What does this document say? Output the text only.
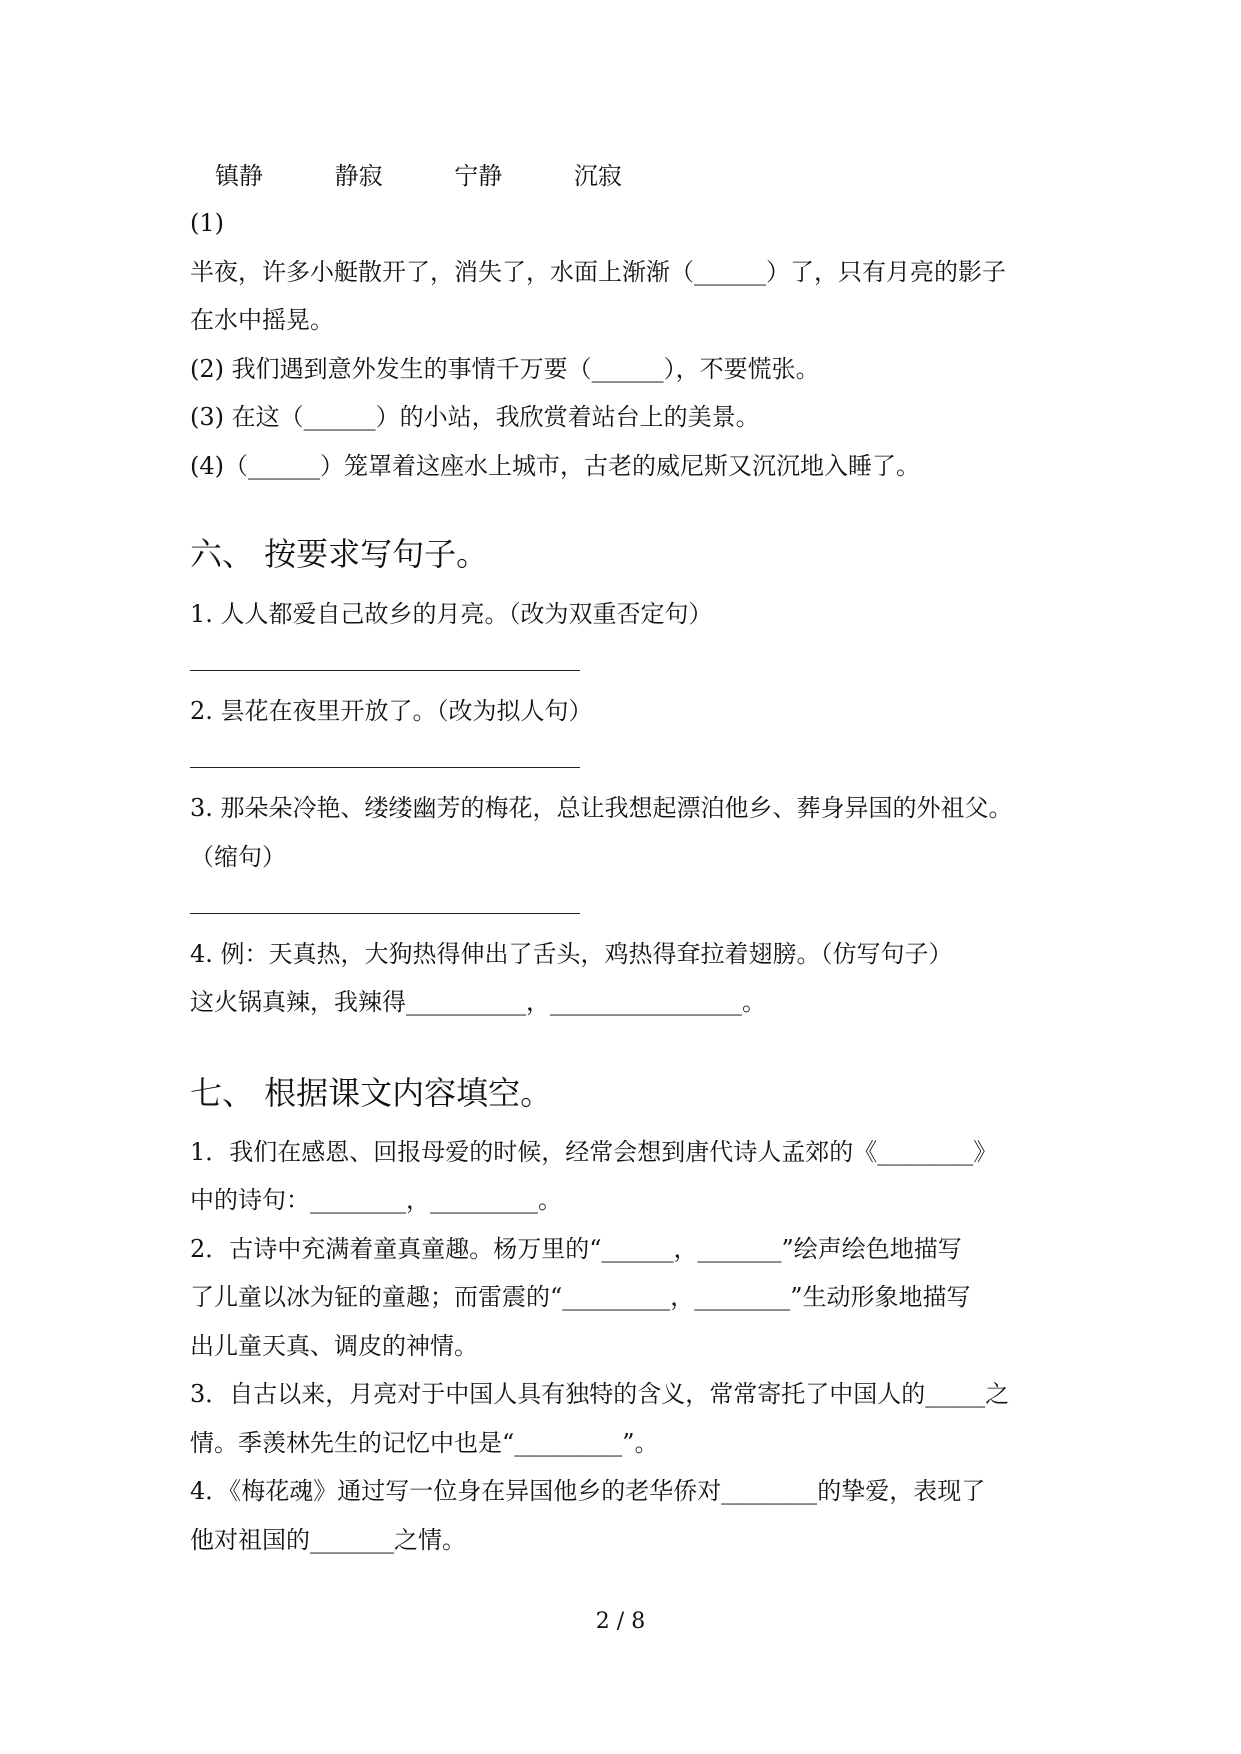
镇静	静寂	宁静	沉寂
(1)
半夜，许多小艇散开了，消失了，水面上渐渐（______）了，只有月亮的影子
在水中摇晃。
(2) 我们遇到意外发生的事情千万要（______），不要慌张。
(3) 在这（______）的小站，我欣赏着站台上的美景。
(4)（______）笼罩着这座水上城市，古老的威尼斯又沉沉地入睡了。
六、 按要求写句子。
1. 人人都爱自己故乡的月亮。（改为双重否定句）
2. 昙花在夜里开放了。（改为拟人句）
3. 那朵朵冷艳、缕缕幽芳的梅花，总让我想起漂泊他乡、葬身异国的外祖父。
（缩句）
4. 例：天真热，大狗热得伸出了舌头，鸡热得耷拉着翅膀。（仿写句子）
这火锅真辣，我辣得__________，________________。
七、 根据课文内容填空。
1．我们在感恩、回报母爱的时候，经常会想到唐代诗人孟郊的《________》
中的诗句：________，_________。
2．古诗中充满着童真童趣。杨万里的“______，_______”绘声绘色地描写
了儿童以冰为钲的童趣；而雷震的“_________，________”生动形象地描写
出儿童天真、调皮的神情。
3．自古以来，月亮对于中国人具有独特的含义，常常寄托了中国人的_____之
情。季羡林先生的记忆中也是“_________”。
4．《梅花魂》通过写一位身在异国他乡的老华侨对________的挚爱，表现了
他对祖国的_______之情。
2 / 8
